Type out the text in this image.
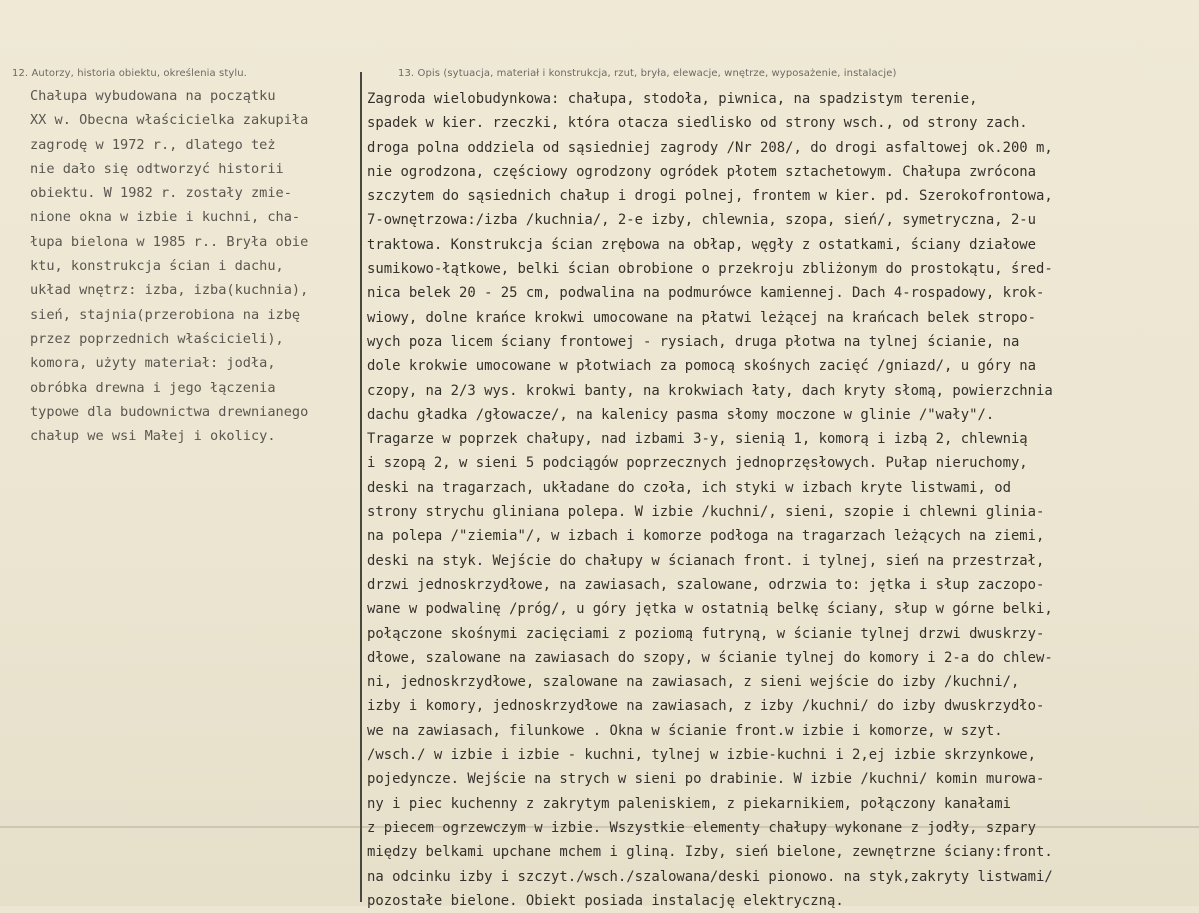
12. Autorzy, historia obiektu, określenia stylu.	13. Opis (sytuacja, materiał i konstrukcja, rzut, bryła, elewacje, wnętrze, wyposażenie, instalacje)
Chałupa wybudowana na początku
XX w. Obecna właścicielka zakupiła
zagrodę w 1972 r., dlatego też
nie dało się odtworzyć historii
obiektu. W 1982 r. zostały zmie-
nione okna w izbie i kuchni, cha-
łupa bielona w 1985 r.. Bryła obie
ktu, konstrukcja ścian i dachu,
układ wnętrz: izba, izba(kuchnia),
sień, stajnia(przerobiona na izbę
przez poprzednich właścicieli),
komora, użyty materiał: jodła,
obróbka drewna i jego łączenia
typowe dla budownictwa drewnianego
chałup we wsi Małej i okolicy.
Zagroda wielobudynkowa: chałupa, stodoła, piwnica, na spadzistym terenie,
spadek w kier. rzeczki, która otacza siedlisko od strony wsch., od strony zach.
droga polna oddziela od sąsiedniej zagrody /Nr 208/, do drogi asfaltowej ok.200 m,
nie ogrodzona, częściowy ogrodzony ogródek płotem sztachetowym. Chałupa zwrócona
szczytem do sąsiednich chałup i drogi polnej, frontem w kier. pd. Szerokofrontowa,
7-ownętrzowa:/izba /kuchnia/, 2-e izby, chlewnia, szopa, sień/, symetryczna, 2-u
traktowa. Konstrukcja ścian zrębowa na obłap, węgły z ostatkami, ściany działowe
sumikowo-łątkowe, belki ścian obrobione o przekroju zbliżonym do prostokątu, śred-
nica belek 20 - 25 cm, podwalina na podmurówce kamiennej. Dach 4-rospadowy, krok-
wiowy, dolne krańce krokwi umocowane na płatwi leżącej na krańcach belek stropo-
wych poza licem ściany frontowej - rysiach, druga płotwa na tylnej ścianie, na
dole krokwie umocowane w płotwiach za pomocą skośnych zacięć /gniazd/, u góry na
czopy, na 2/3 wys. krokwi banty, na krokwiach łaty, dach kryty słomą, powierzchnia
dachu gładka /głowacze/, na kalenicy pasma słomy moczone w glinie /"wały"/.
Tragarze w poprzek chałupy, nad izbami 3-y, sienią 1, komorą i izbą 2, chlewnią
i szopą 2, w sieni 5 podciągów poprzecznych jednoprzęsłowych. Pułap nieruchomy,
deski na tragarzach, układane do czoła, ich styki w izbach kryte listwami, od
strony strychu gliniana polepa. W izbie /kuchni/, sieni, szopie i chlewni glinia-
na polepa /"ziemia"/, w izbach i komorze podłoga na tragarzach leżących na ziemi,
deski na styk. Wejście do chałupy w ścianach front. i tylnej, sień na przestrzał,
drzwi jednoskrzydłowe, na zawiasach, szalowane, odrzwia to: jętka i słup zaczopo-
wane w podwalinę /próg/, u góry jętka w ostatnią belkę ściany, słup w górne belki,
połączone skośnymi zacięciami z poziomą futryną, w ścianie tylnej drzwi dwuskrzy-
dłowe, szalowane na zawiasach do szopy, w ścianie tylnej do komory i 2-a do chlew-
ni, jednoskrzydłowe, szalowane na zawiasach, z sieni wejście do izby /kuchni/,
izby i komory, jednoskrzydłowe na zawiasach, z izby /kuchni/ do izby dwuskrzydło-
we na zawiasach, filunkowe . Okna w ścianie front.w izbie i komorze, w szyt.
/wsch./ w izbie i izbie - kuchni, tylnej w izbie-kuchni i 2,ej izbie skrzynkowe,
pojedyncze. Wejście na strych w sieni po drabinie. W izbie /kuchni/ komin murowa-
ny i piec kuchenny z zakrytym paleniskiem, z piekarnikiem, połączony kanałami
z piecem ogrzewczym w izbie. Wszystkie elementy chałupy wykonane z jodły, szpary
między belkami upchane mchem i gliną. Izby, sień bielone, zewnętrzne ściany:front.
na odcinku izby i szczyt./wsch./szalowana/deski pionowo. na styk,zakryty listwami/
pozostałe bielone. Obiekt posiada instalację elektryczną.
